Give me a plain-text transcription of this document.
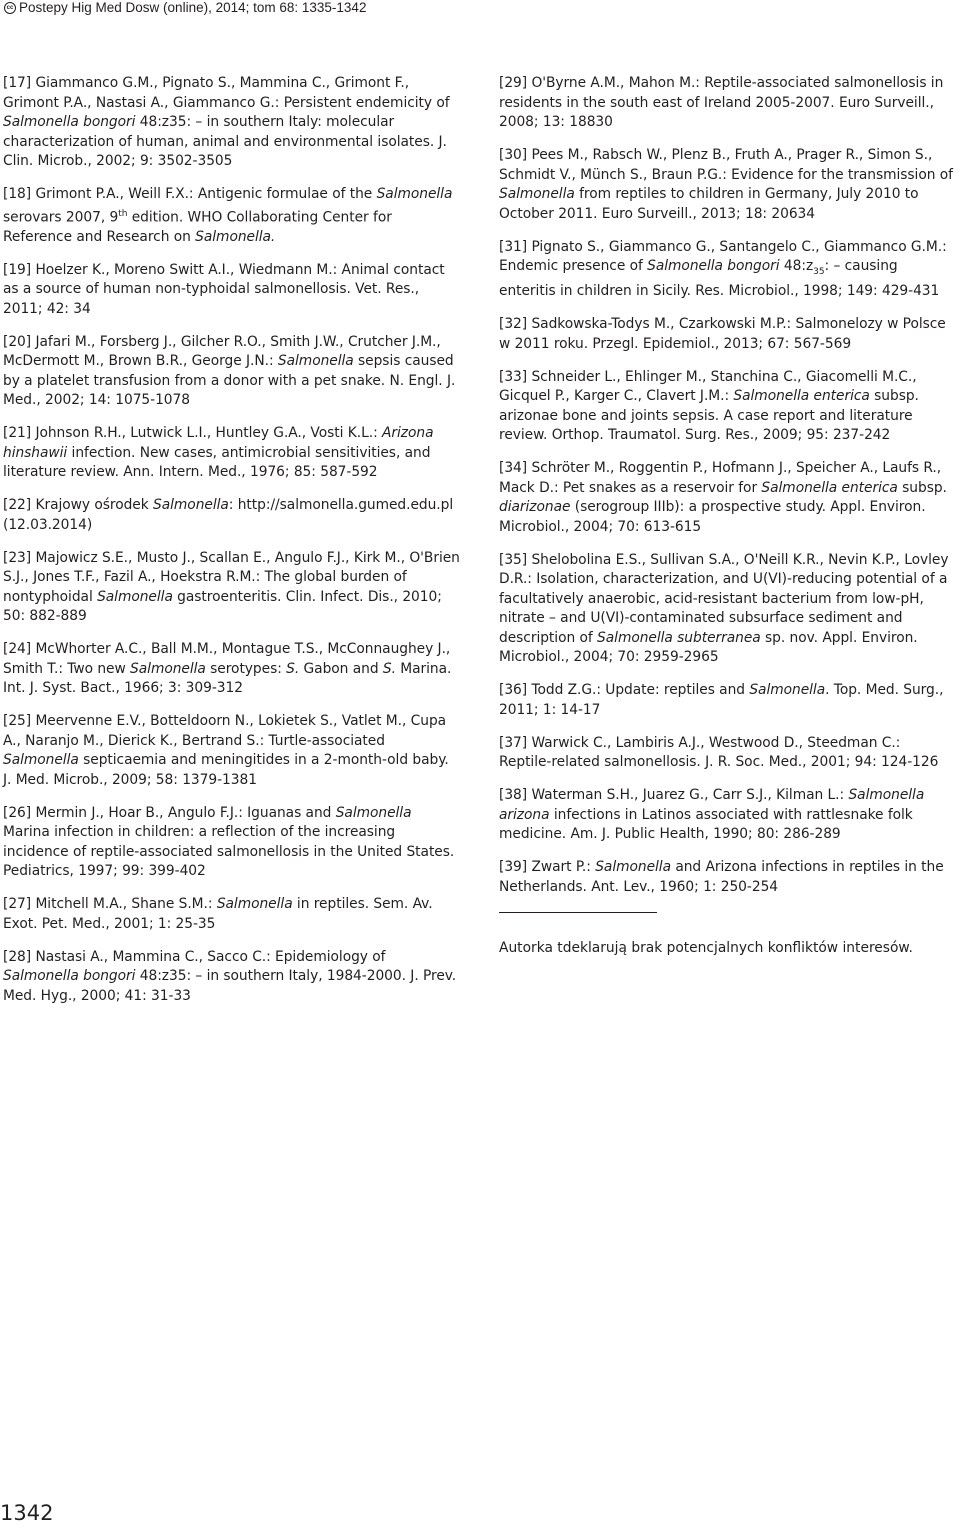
cc Postepy Hig Med Dosw (online), 2014; tom 68: 1335-1342

[17] Giammanco G.M., Pignato S., Mammina C., Grimont F., Grimont P.A., Nastasi A., Giammanco G.: Persistent endemicity of Salmonella bongori 48:z35: – in southern Italy: molecular characterization of human, animal and environmental isolates. J. Clin. Microb., 2002; 9: 3502-3505

[18] Grimont P.A., Weill F.X.: Antigenic formulae of the Salmonella serovars 2007, 9th edition. WHO Collaborating Center for Reference and Research on Salmonella.

[19] Hoelzer K., Moreno Switt A.I., Wiedmann M.: Animal contact as a source of human non-typhoidal salmonellosis. Vet. Res., 2011; 42: 34

[20] Jafari M., Forsberg J., Gilcher R.O., Smith J.W., Crutcher J.M., McDermott M., Brown B.R., George J.N.: Salmonella sepsis caused by a platelet transfusion from a donor with a pet snake. N. Engl. J. Med., 2002; 14: 1075-1078

[21] Johnson R.H., Lutwick L.I., Huntley G.A., Vosti K.L.: Arizona hinshawii infection. New cases, antimicrobial sensitivities, and literature review. Ann. Intern. Med., 1976; 85: 587-592

[22] Krajowy ośrodek Salmonella: http://salmonella.gumed.edu.pl (12.03.2014)

[23] Majowicz S.E., Musto J., Scallan E., Angulo F.J., Kirk M., O'Brien S.J., Jones T.F., Fazil A., Hoekstra R.M.: The global burden of nontyphoidal Salmonella gastroenteritis. Clin. Infect. Dis., 2010; 50: 882-889

[24] McWhorter A.C., Ball M.M., Montague T.S., McConnaughey J., Smith T.: Two new Salmonella serotypes: S. Gabon and S. Marina. Int. J. Syst. Bact., 1966; 3: 309-312

[25] Meervenne E.V., Botteldoorn N., Lokietek S., Vatlet M., Cupa A., Naranjo M., Dierick K., Bertrand S.: Turtle-associated Salmonella septicaemia and meningitides in a 2-month-old baby. J. Med. Microb., 2009; 58: 1379-1381

[26] Mermin J., Hoar B., Angulo F.J.: Iguanas and Salmonella Marina infection in children: a reflection of the increasing incidence of reptile-associated salmonellosis in the United States. Pediatrics, 1997; 99: 399-402

[27] Mitchell M.A., Shane S.M.: Salmonella in reptiles. Sem. Av. Exot. Pet. Med., 2001; 1: 25-35

[28] Nastasi A., Mammina C., Sacco C.: Epidemiology of Salmonella bongori 48:z35: – in southern Italy, 1984-2000. J. Prev. Med. Hyg., 2000; 41: 31-33

[29] O'Byrne A.M., Mahon M.: Reptile-associated salmonellosis in residents in the south east of Ireland 2005-2007. Euro Surveill., 2008; 13: 18830

[30] Pees M., Rabsch W., Plenz B., Fruth A., Prager R., Simon S., Schmidt V., Münch S., Braun P.G.: Evidence for the transmission of Salmonella from reptiles to children in Germany, July 2010 to October 2011. Euro Surveill., 2013; 18: 20634

[31] Pignato S., Giammanco G., Santangelo C., Giammanco G.M.: Endemic presence of Salmonella bongori $48:z_{35}$: – causing enteritis in children in Sicily. Res. Microbiol., 1998; 149: 429-431

[32] Sadkowska-Todys M., Czarkowski M.P.: Salmonelozy w Polsce w 2011 roku. Przegl. Epidemiol., 2013; 67: 567-569

[33] Schneider L., Ehlinger M., Stanchina C., Giacomelli M.C., Gicquel P., Karger C., Clavert J.M.: Salmonella enterica subsp. arizonae bone and joints sepsis. A case report and literature review. Orthop. Traumatol. Surg. Res., 2009; 95: 237-242

[34] Schröter M., Roggentin P., Hofmann J., Speicher A., Laufs R., Mack D.: Pet snakes as a reservoir for Salmonella enterica subsp. diarizonae (serogroup IIIb): a prospective study. Appl. Environ. Microbiol., 2004; 70: 613-615

[35] Shelobolina E.S., Sullivan S.A., O'Neill K.R., Nevin K.P., Lovley D.R.: Isolation, characterization, and U(VI)-reducing potential of a facultatively anaerobic, acid-resistant bacterium from low-pH, nitrate – and U(VI)-contaminated subsurface sediment and description of Salmonella subterranea sp. nov. Appl. Environ. Microbiol., 2004; 70: 2959-2965

[36] Todd Z.G.: Update: reptiles and Salmonella. Top. Med. Surg., 2011; 1: 14-17

[37] Warwick C., Lambiris A.J., Westwood D., Steedman C.: Reptile-related salmonellosis. J. R. Soc. Med., 2001; 94: 124-126

[38] Waterman S.H., Juarez G., Carr S.J., Kilman L.: Salmonella arizona infections in Latinos associated with rattlesnake folk medicine. Am. J. Public Health, 1990; 80: 286-289

[39] Zwart P.: Salmonella and Arizona infections in reptiles in the Netherlands. Ant. Lev., 1960; 1: 250-254

Autorka tdeklarują brak potencjalnych konfliktów interesów.
1342
